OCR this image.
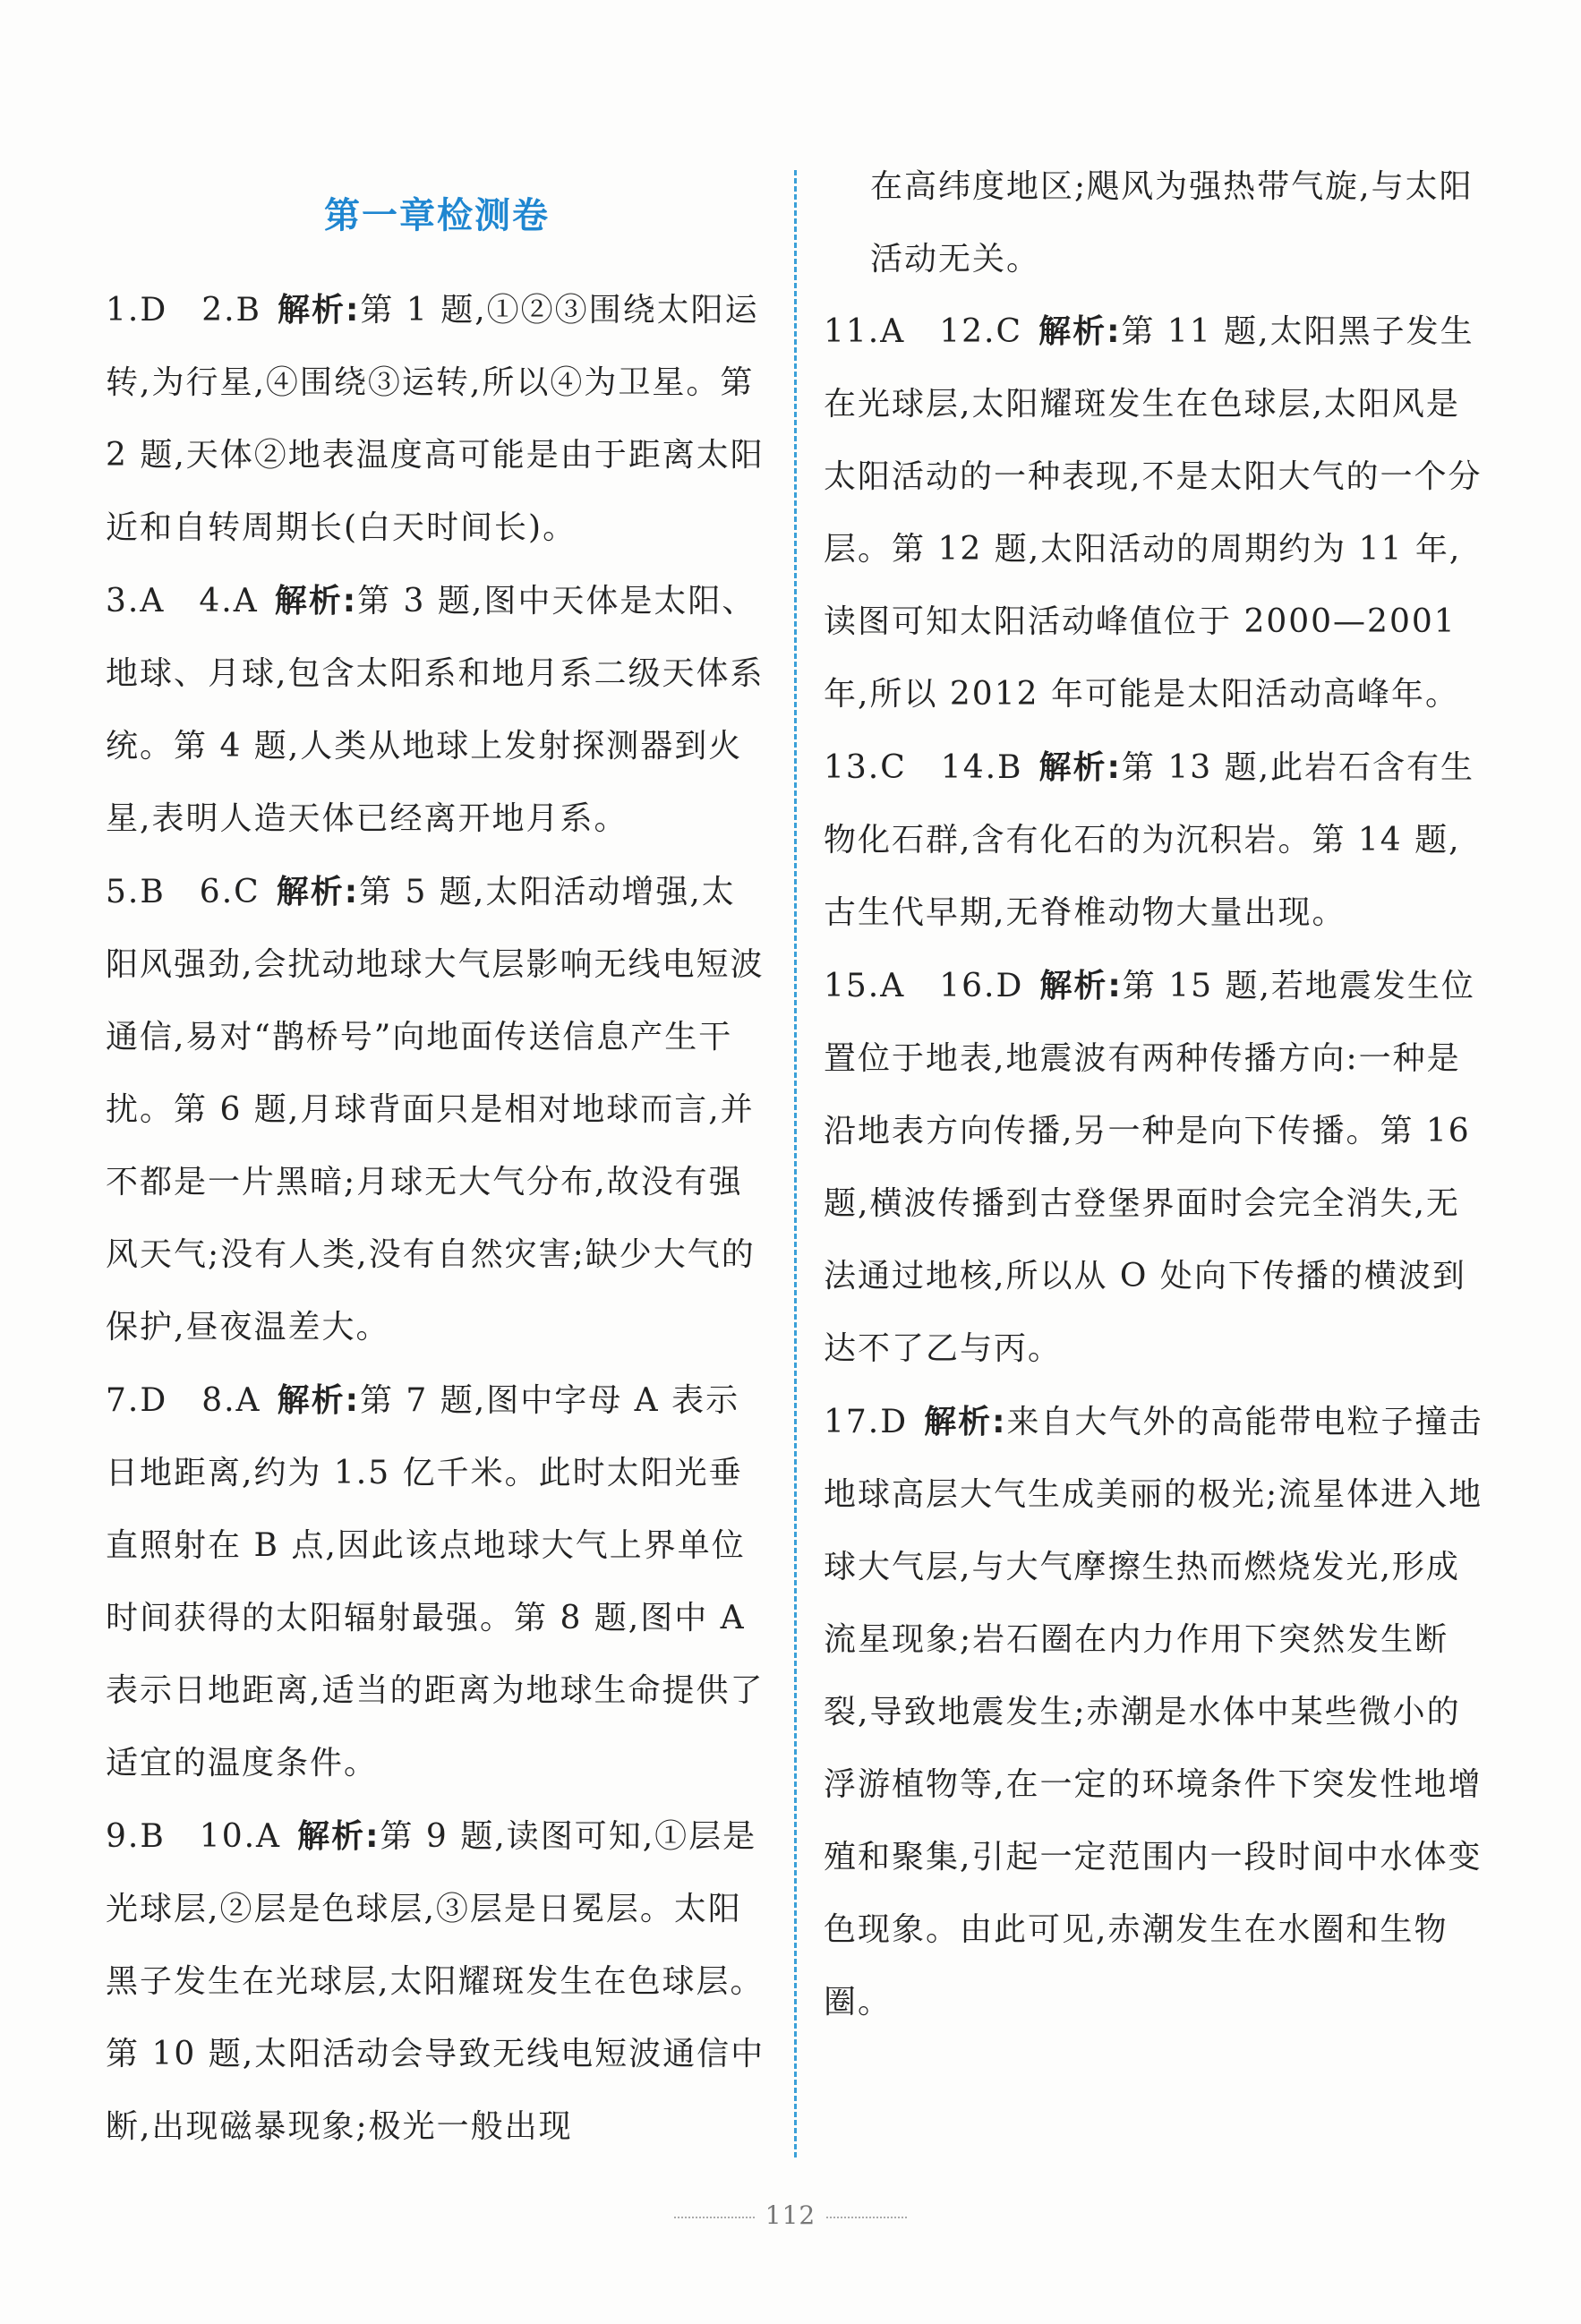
第一章检测卷
1.D　2.B 解析:第 1 题,①②③围绕太阳运转,为行星,④围绕③运转,所以④为卫星。第 2 题,天体②地表温度高可能是由于距离太阳近和自转周期长(白天时间长)。
3.A　4.A 解析:第 3 题,图中天体是太阳、地球、月球,包含太阳系和地月系二级天体系统。第 4 题,人类从地球上发射探测器到火星,表明人造天体已经离开地月系。
5.B　6.C 解析:第 5 题,太阳活动增强,太阳风强劲,会扰动地球大气层影响无线电短波通信,易对“鹊桥号”向地面传送信息产生干扰。第 6 题,月球背面只是相对地球而言,并不都是一片黑暗;月球无大气分布,故没有强风天气;没有人类,没有自然灾害;缺少大气的保护,昼夜温差大。
7.D　8.A 解析:第 7 题,图中字母 A 表示日地距离,约为 1.5 亿千米。此时太阳光垂直照射在 B 点,因此该点地球大气上界单位时间获得的太阳辐射最强。第 8 题,图中 A 表示日地距离,适当的距离为地球生命提供了适宜的温度条件。
9.B　10.A 解析:第 9 题,读图可知,①层是光球层,②层是色球层,③层是日冕层。太阳黑子发生在光球层,太阳耀斑发生在色球层。第 10 题,太阳活动会导致无线电短波通信中断,出现磁暴现象;极光一般出现
在高纬度地区;飓风为强热带气旋,与太阳活动无关。
11.A　12.C 解析:第 11 题,太阳黑子发生在光球层,太阳耀斑发生在色球层,太阳风是太阳活动的一种表现,不是太阳大气的一个分层。第 12 题,太阳活动的周期约为 11 年,读图可知太阳活动峰值位于 2000—2001 年,所以 2012 年可能是太阳活动高峰年。
13.C　14.B 解析:第 13 题,此岩石含有生物化石群,含有化石的为沉积岩。第 14 题,古生代早期,无脊椎动物大量出现。
15.A　16.D 解析:第 15 题,若地震发生位置位于地表,地震波有两种传播方向:一种是沿地表方向传播,另一种是向下传播。第 16 题,横波传播到古登堡界面时会完全消失,无法通过地核,所以从 O 处向下传播的横波到达不了乙与丙。
17.D 解析:来自大气外的高能带电粒子撞击地球高层大气生成美丽的极光;流星体进入地球大气层,与大气摩擦生热而燃烧发光,形成流星现象;岩石圈在内力作用下突然发生断裂,导致地震发生;赤潮是水体中某些微小的浮游植物等,在一定的环境条件下突发性地增殖和聚集,引起一定范围内一段时间中水体变色现象。由此可见,赤潮发生在水圈和生物圈。
112
